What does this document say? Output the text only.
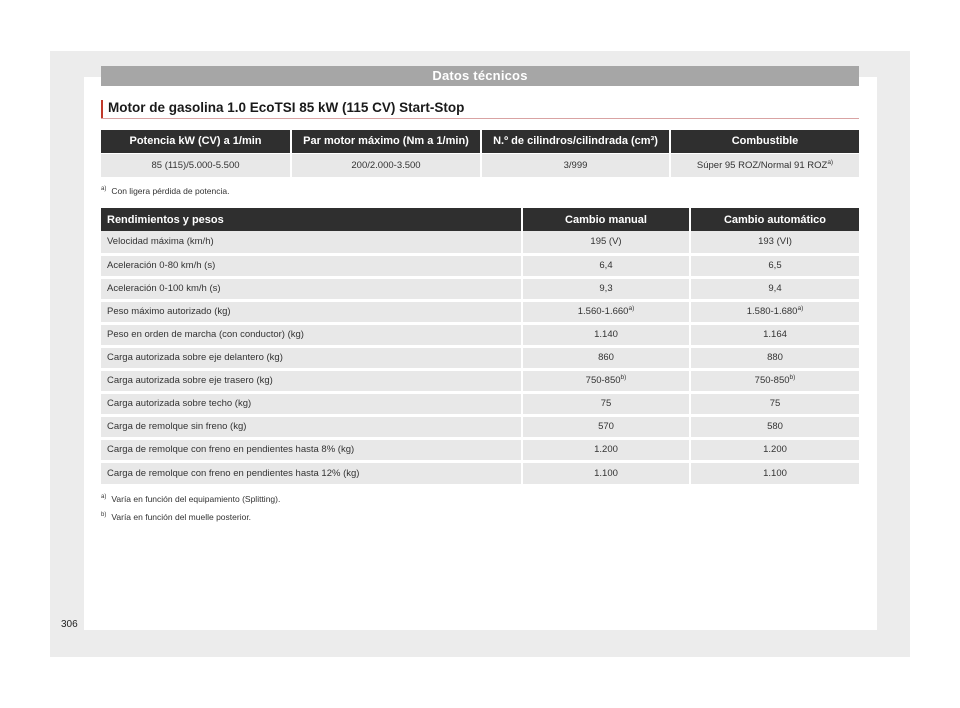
Datos técnicos
Motor de gasolina 1.0 EcoTSI 85 kW (115 CV) Start-Stop
Potencia kW (CV) a 1/min	Par motor máximo (Nm a 1/min)	N.º de cilindros/cilindrada (cm³)	Combustible
85 (115)/5.000-5.500	200/2.000-3.500	3/999	Súper 95 ROZ/Normal 91 ROZ$^{a)}$
$^{a)}$ Con ligera pérdida de potencia.
Rendimientos y pesos	Cambio manual	Cambio automático
Velocidad máxima (km/h)	195 (V)	193 (VI)
Aceleración 0-80 km/h (s)	6,4	6,5
Aceleración 0-100 km/h (s)	9,3	9,4
Peso máximo autorizado (kg)	1.560-1.660$^{a)}$	1.580-1.680$^{a)}$
Peso en orden de marcha (con conductor) (kg)	1.140	1.164
Carga autorizada sobre eje delantero (kg)	860	880
Carga autorizada sobre eje trasero (kg)	750-850$^{b)}$	750-850$^{b)}$
Carga autorizada sobre techo (kg)	75	75
Carga de remolque sin freno (kg)	570	580
Carga de remolque con freno en pendientes hasta 8% (kg)	1.200	1.200
Carga de remolque con freno en pendientes hasta 12% (kg)	1.100	1.100
$^{a)}$ Varía en función del equipamiento (Splitting).
$^{b)}$ Varía en función del muelle posterior.
306
